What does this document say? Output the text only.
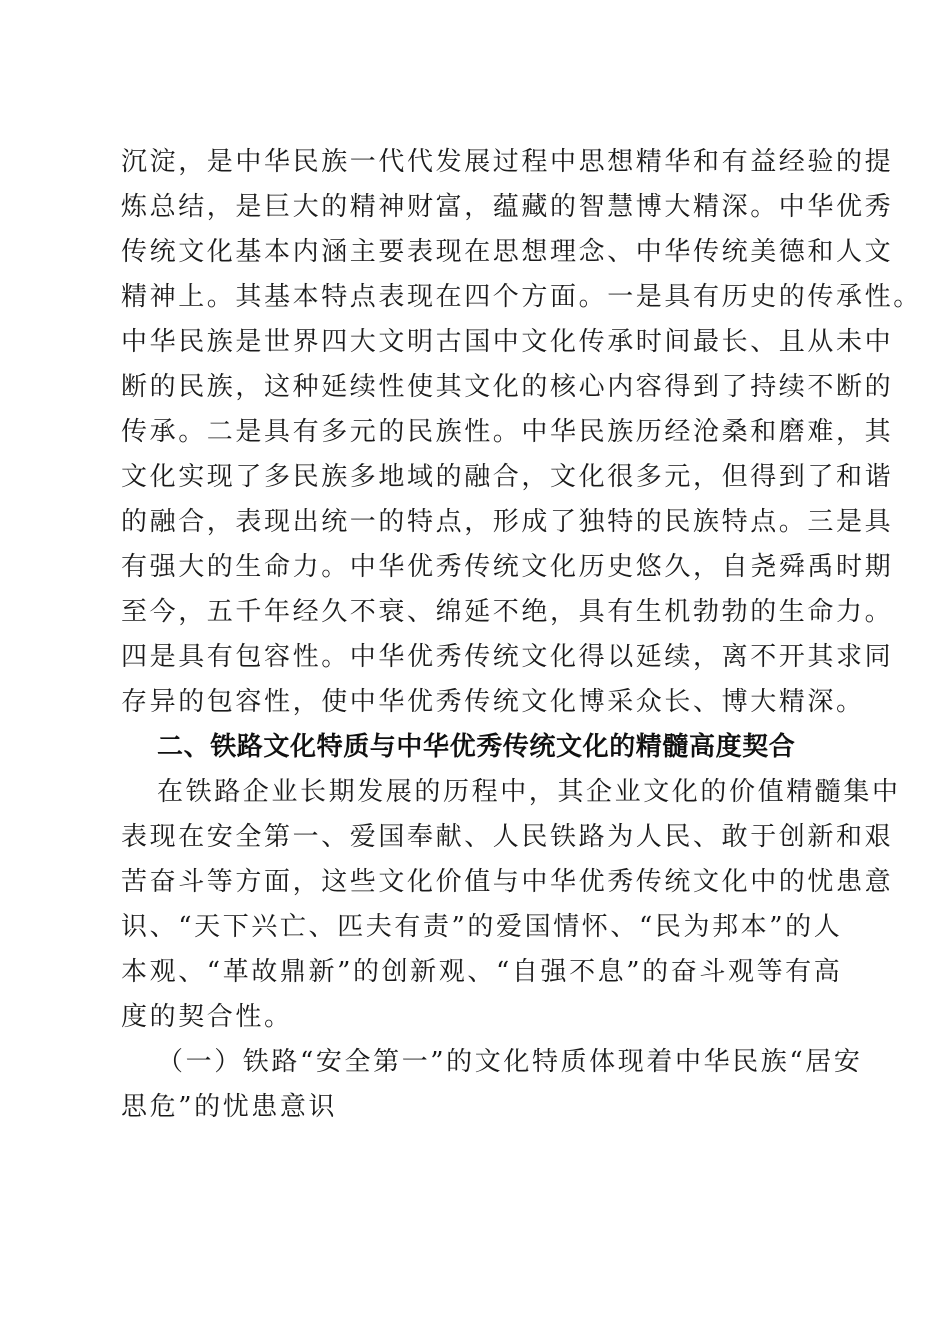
沉淀，是中华民族一代代发展过程中思想精华和有益经验的提
炼总结，是巨大的精神财富，蕴藏的智慧博大精深。中华优秀
传统文化基本内涵主要表现在思想理念、中华传统美德和人文
精神上。其基本特点表现在四个方面。一是具有历史的传承性。
中华民族是世界四大文明古国中文化传承时间最长、且从未中
断的民族，这种延续性使其文化的核心内容得到了持续不断的
传承。二是具有多元的民族性。中华民族历经沧桑和磨难，其
文化实现了多民族多地域的融合，文化很多元，但得到了和谐
的融合，表现出统一的特点，形成了独特的民族特点。三是具
有强大的生命力。中华优秀传统文化历史悠久，自尧舜禹时期
至今，五千年经久不衰、绵延不绝，具有生机勃勃的生命力。
四是具有包容性。中华优秀传统文化得以延续，离不开其求同
存异的包容性，使中华优秀传统文化博采众长、博大精深。
二、铁路文化特质与中华优秀传统文化的精髓高度契合
在铁路企业长期发展的历程中，其企业文化的价值精髓集中
表现在安全第一、爱国奉献、人民铁路为人民、敢于创新和艰
苦奋斗等方面，这些文化价值与中华优秀传统文化中的忧患意
识、“天下兴亡、匹夫有责”的爱国情怀、“民为邦本”的人
本观、“革故鼎新”的创新观、“自强不息”的奋斗观等有高
度的契合性。
（一）铁路“安全第一”的文化特质体现着中华民族“居安
思危”的忧患意识
